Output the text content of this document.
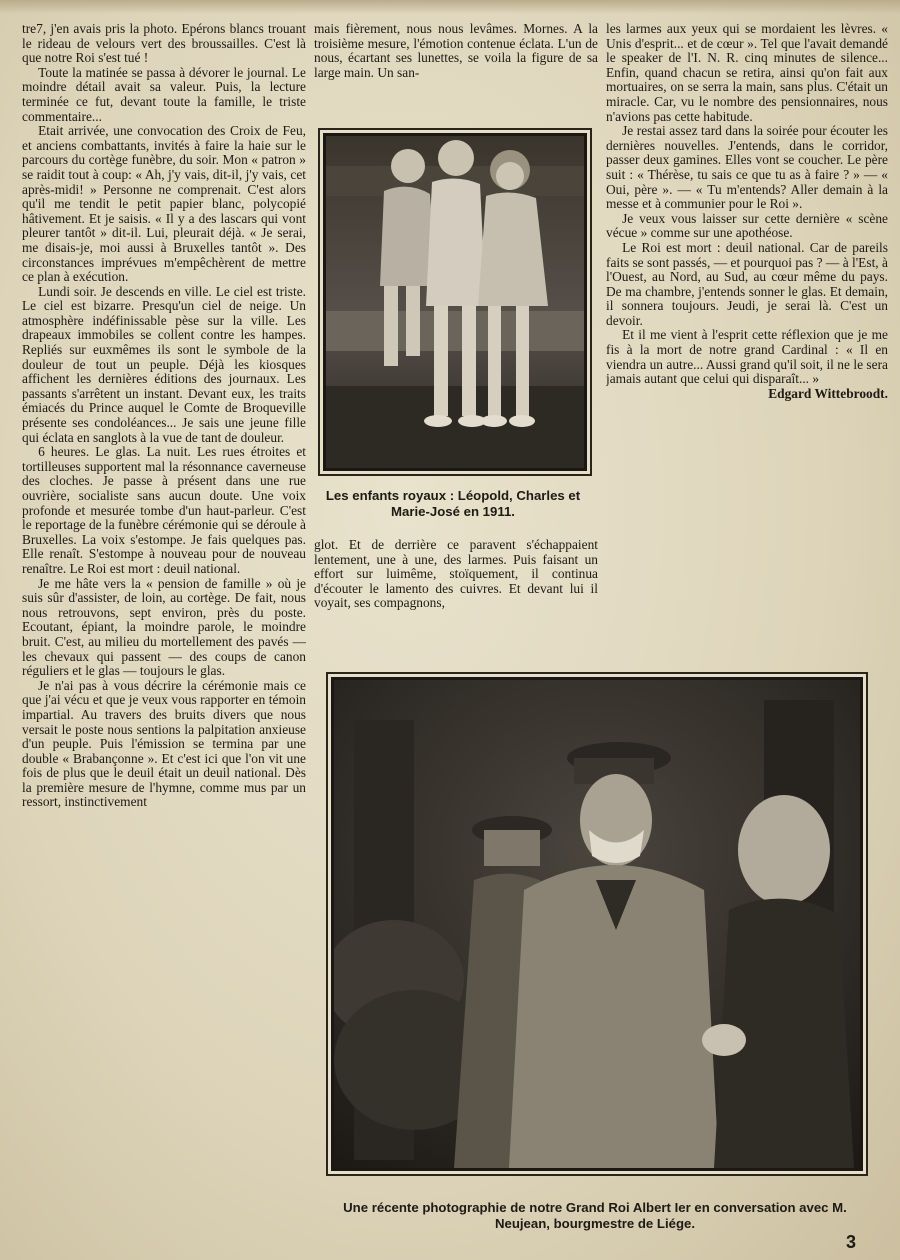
tre7, j'en avais pris la photo. Epérons blancs trouant le rideau de velours vert des broussailles. C'est là que notre Roi s'est tué !

Toute la matinée se passa à dévorer le journal. Le moindre détail avait sa valeur. Puis, la lecture terminée ce fut, devant toute la famille, le triste commentaire...

Etait arrivée, une convocation des Croix de Feu, et anciens combattants, invités à faire la haie sur le parcours du cortège funèbre, du soir. Mon « patron » se raidit tout à coup: « Ah, j'y vais, dit-il, j'y vais, cet après-midi! » Personne ne comprenait. C'est alors qu'il me tendit le petit papier blanc, polycopié hâtivement. Et je saisis. « Il y a des lascars qui vont pleurer tantôt » dit-il. Lui, pleurait déjà. « Je serai, me disais-je, moi aussi à Bruxelles tantôt ». Des circonstances imprévues m'empêchèrent de mettre ce plan à exécution.

Lundi soir. Je descends en ville. Le ciel est triste. Le ciel est bizarre. Presqu'un ciel de neige. Un atmosphère indéfinissable pèse sur la ville. Les drapeaux immobiles se collent contre les hampes. Repliés sur euxmêmes ils sont le symbole de la douleur de tout un peuple. Déjà les kiosques affichent les dernières éditions des journaux. Les passants s'arrêtent un instant. Devant eux, les traits émiacés du Prince auquel le Comte de Broqueville présente ses condoléances... Je sais une jeune fille qui éclata en sanglots à la vue de tant de douleur.

6 heures. Le glas. La nuit. Les rues étroites et tortilleuses supportent mal la résonnance caverneuse des cloches. Je passe à présent dans une rue ouvrière, socialiste sans aucun doute. Une voix profonde et mesurée tombe d'un haut-parleur. C'est le reportage de la funèbre cérémonie qui se déroule à Bruxelles. La voix s'estompe. Je fais quelques pas. Elle renaît. S'estompe à nouveau pour de nouveau renaître. Le Roi est mort : deuil national.

Je me hâte vers la « pension de famille » où je suis sûr d'assister, de loin, au cortège. De fait, nous nous retrouvons, sept environ, près du poste. Ecoutant, épiant, la moindre parole, le moindre bruit. C'est, au milieu du mortellement des pavés — les chevaux qui passent — des coups de canon réguliers et le glas — toujours le glas.

Je n'ai pas à vous décrire la cérémonie mais ce que j'ai vécu et que je veux vous rapporter en témoin impartial. Au travers des bruits divers que nous versait le poste nous sentions la palpitation anxieuse d'un peuple. Puis l'émission se termina par une double « Brabançonne ». Et c'est ici que l'on vit une fois de plus que le deuil était un deuil national. Dès la première mesure de l'hymne, comme mus par un ressort, instinctivement

mais fièrement, nous nous levâmes. Mornes. A la troisième mesure, l'émotion contenue éclata. L'un de nous, écartant ses lunettes, se voila la figure de sa large main. Un san-

Les enfants royaux : Léopold, Charles et Marie-José en 1911.

glot. Et de derrière ce paravent s'échappaient lentement, une à une, des larmes. Puis faisant un effort sur luimême, stoïquement, il continua d'écouter le lamento des cuivres. Et devant lui il voyait, ses compagnons,

les larmes aux yeux qui se mordaient les lèvres. « Unis d'esprit... et de cœur ». Tel que l'avait demandé le speaker de l'I. N. R. cinq minutes de silence... Enfin, quand chacun se retira, ainsi qu'on fait aux mortuaires, on se serra la main, sans plus. C'était un miracle. Car, vu le nombre des pensionnaires, nous n'avions pas cette habitude.

Je restai assez tard dans la soirée pour écouter les dernières nouvelles. J'entends, dans le corridor, passer deux gamines. Elles vont se coucher. Le père suit : « Thérèse, tu sais ce que tu as à faire ? » — « Oui, père ». — « Tu m'entends? Aller demain à la messe et à communier pour le Roi ».

Je veux vous laisser sur cette dernière « scène vécue » comme sur une apothéose.

Le Roi est mort : deuil national. Car de pareils faits se sont passés, — et pourquoi pas ? — à l'Est, à l'Ouest, au Nord, au Sud, au cœur même du pays. De ma chambre, j'entends sonner le glas. Et demain, il sonnera toujours. Jeudi, je serai là. C'est un devoir.

Et il me vient à l'esprit cette réflexion que je me fis à la mort de notre grand Cardinal : « Il en viendra un autre... Aussi grand qu'il soit, il ne le sera jamais autant que celui qui disparaît... »

Edgard Wittebroodt.

Une récente photographie de notre Grand Roi Albert Ier en conversation avec M. Neujean, bourgmestre de Liége.
3
